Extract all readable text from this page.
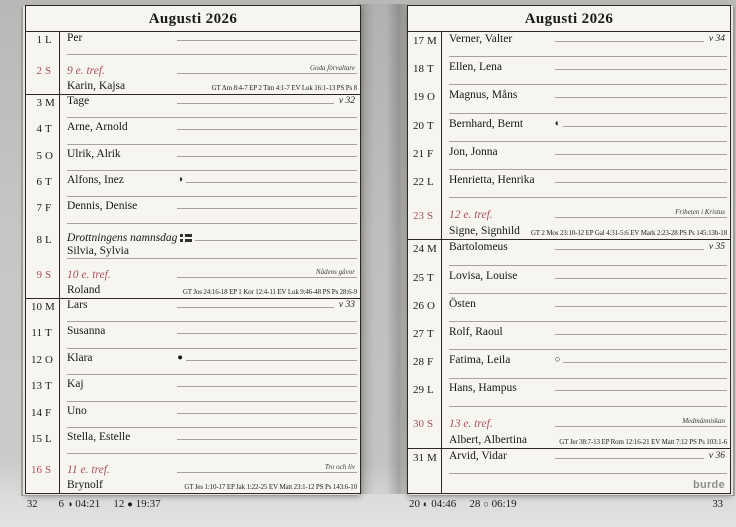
Augusti 2026
1 L Per
2 S 9 e. tref.	Goda förvaltare
Karin, Kajsa	GT Am 8:4-7 EP 2 Tim 4:1-7 EV Luk 16:1-13 PS Ps 8
3 M Tage	v 32
4 T Arne, Arnold
5 O Ulrik, Alrik
6 T Alfons, Inez	◑
7 F Dennis, Denise
8 L Drottningens namnsdag
Silvia, Sylvia
9 S 10 e. tref.	Nådens gåvor
Roland	GT Jos 24:16-18 EP 1 Kor 12:4-11 EV Luk 9:46-48 PS Ps 28:6-9
10 M Lars	v 33
11 T Susanna
12 O Klara	●
13 T Kaj
14 F Uno
15 L Stella, Estelle
16 S 11 e. tref.	Tro och liv
Brynolf	GT Jes 1:10-17 EP Jak 1:22-25 EV Matt 23:1-12 PS Ps 143:6-10
Augusti 2026
17 M Verner, Valter	v 34
18 T Ellen, Lena
19 O Magnus, Måns
20 T Bernhard, Bernt	◐
21 F Jon, Jonna
22 L Henrietta, Henrika
23 S 12 e. tref.	Friheten i Kristus
Signe, Signhild GT 2 Mos 23:10-12 EP Gal 4:31-5:6 EV Mark 2:23-28 PS Ps 145:13b-18
24 M Bartolomeus	v 35
25 T Lovisa, Louise
26 O Östen
27 T Rolf, Raoul
28 F Fatima, Leila	○
29 L Hans, Hampus
30 S 13 e. tref.	Medmänniskan
Albert, Albertina	GT Jer 38:7-13 EP Rom 12:16-21 EV Matt 7:12 PS Ps 103:1-6
31 M Arvid, Vidar	v 36
burde
32 6 ◑ 04:21 12 ● 19:37	20 ◐ 04:46 28 ○ 06:19	33
